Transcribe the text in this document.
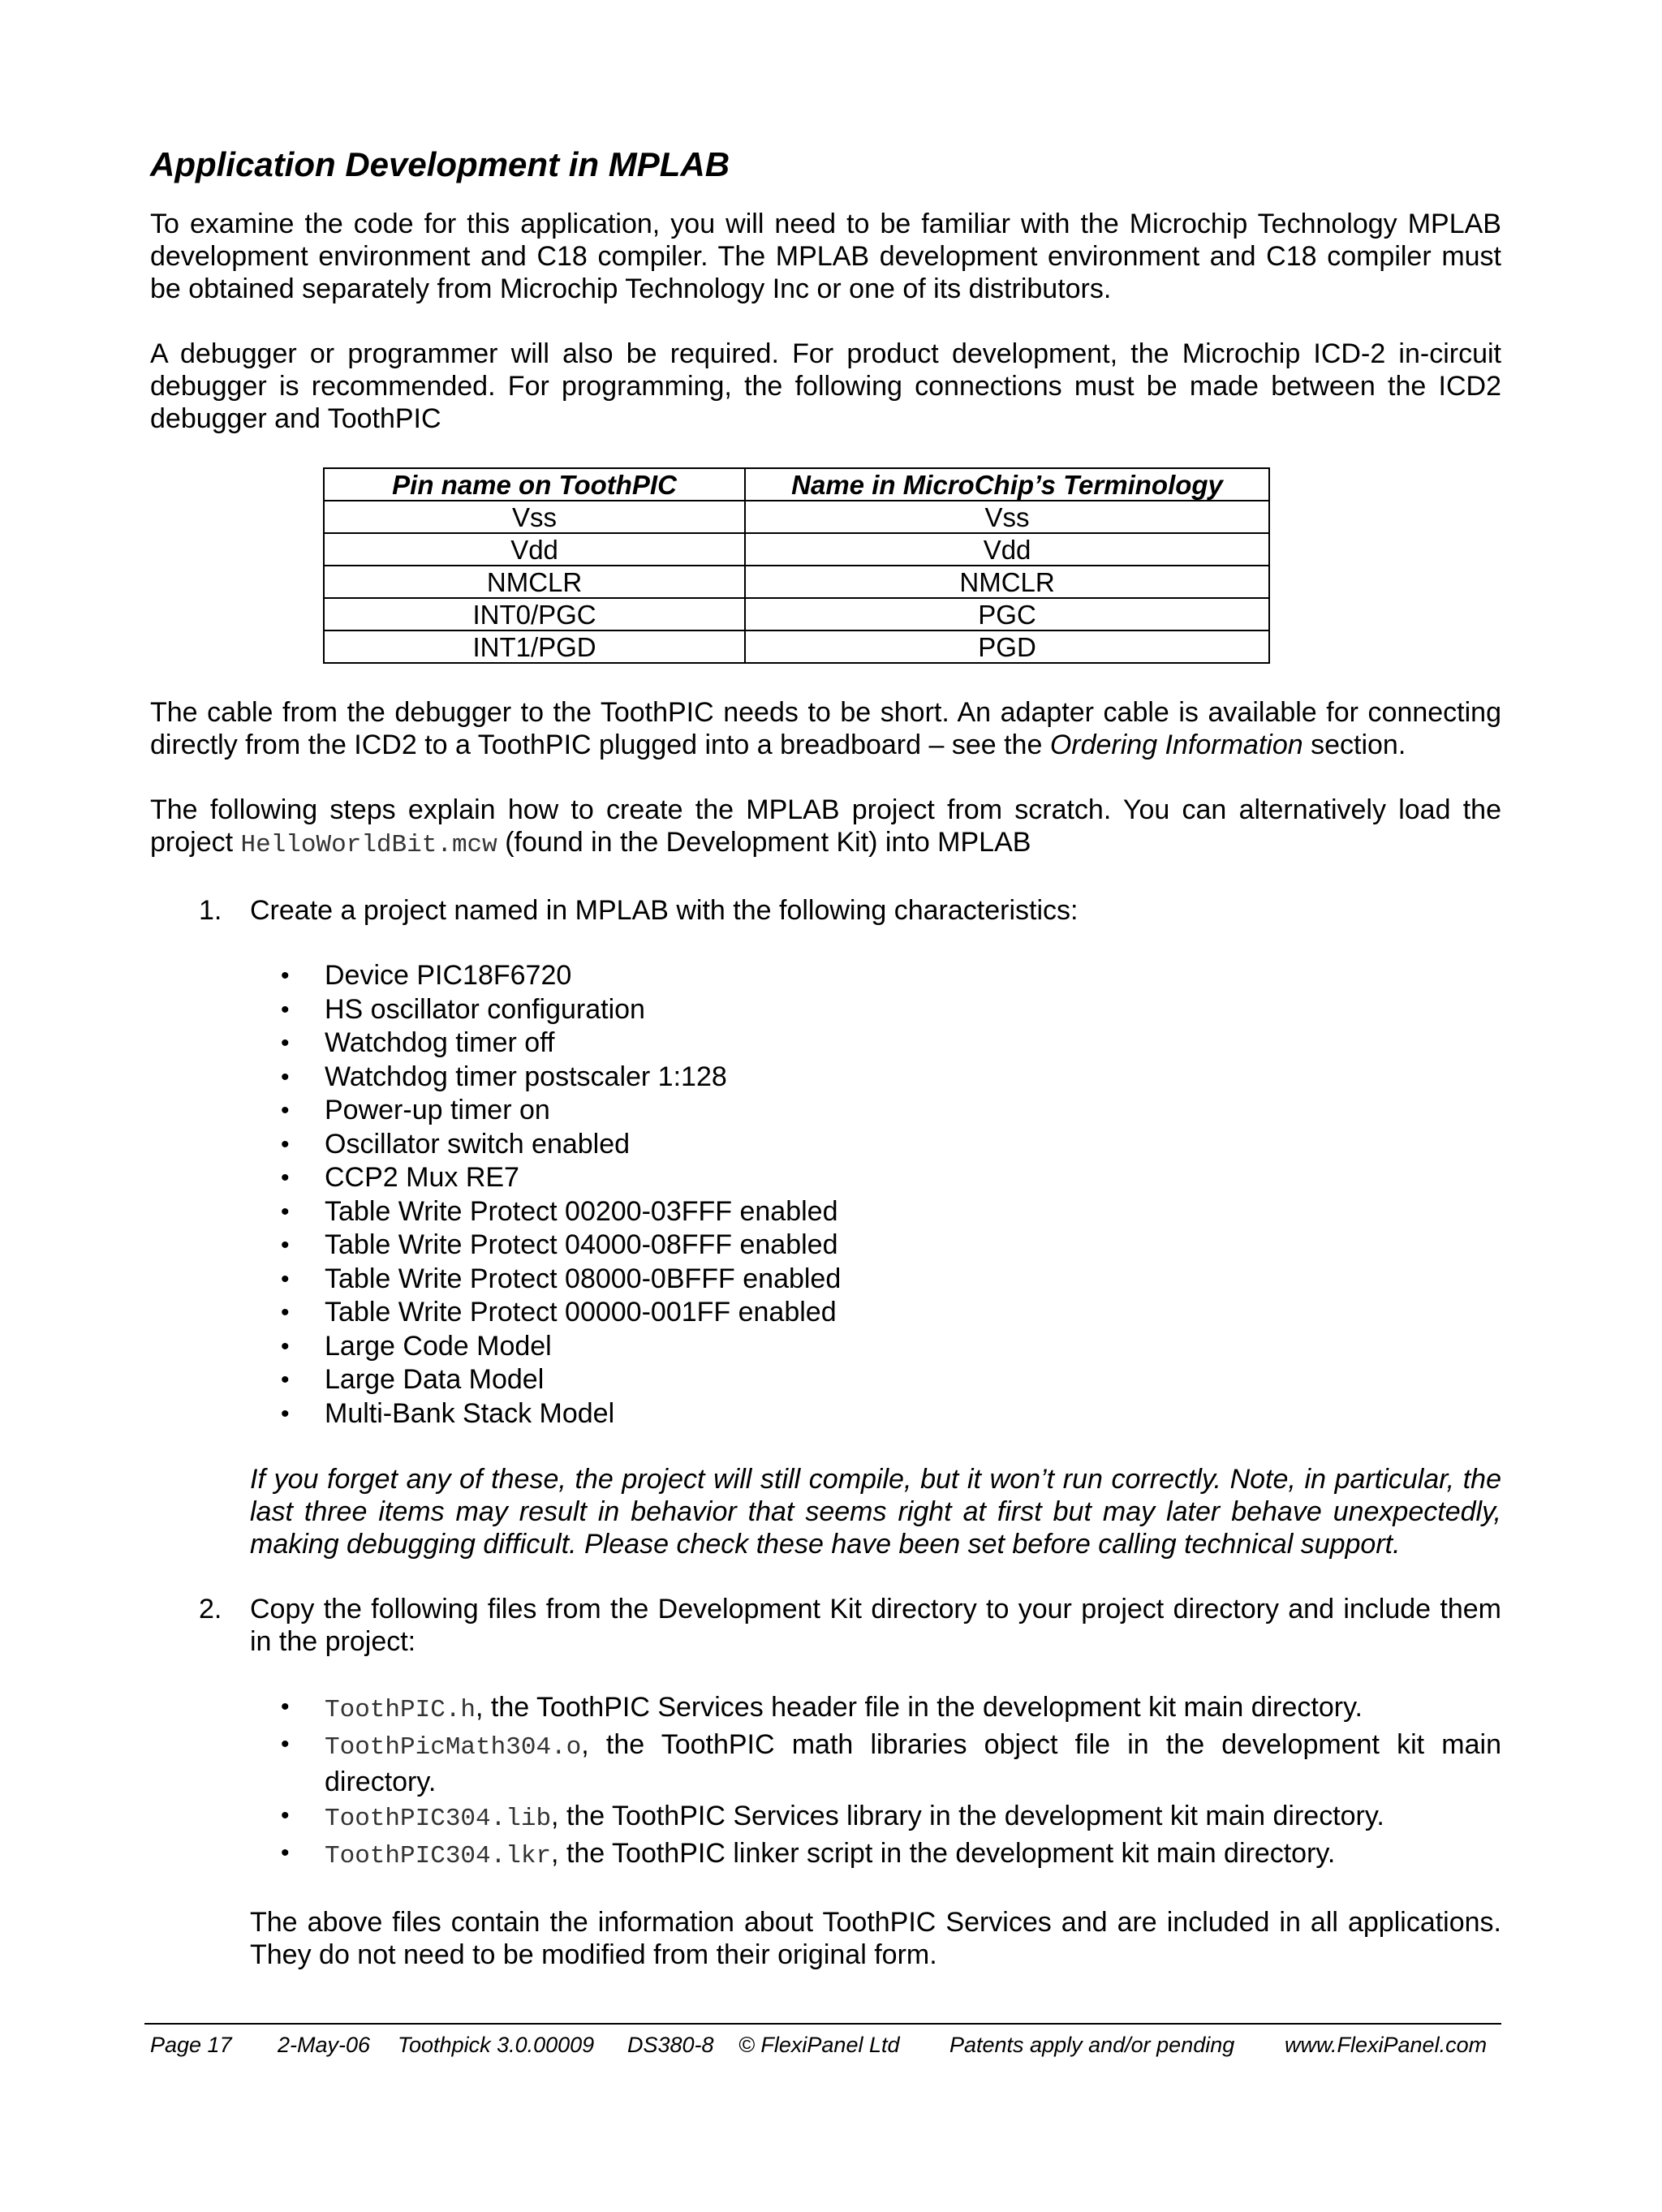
Application Development in MPLAB

To examine the code for this application, you will need to be familiar with the Microchip Technology MPLAB development environment and C18 compiler. The MPLAB development environment and C18 compiler must be obtained separately from Microchip Technology Inc or one of its distributors.

A debugger or programmer will also be required. For product development, the Microchip ICD-2 in-circuit debugger is recommended. For programming, the following connections must be made between the ICD2 debugger and ToothPIC

Pin name on ToothPIC	Name in MicroChip’s Terminology
Vss	Vss
Vdd	Vdd
NMCLR	NMCLR
INT0/PGC	PGC
INT1/PGD	PGD

The cable from the debugger to the ToothPIC needs to be short. An adapter cable is available for connecting directly from the ICD2 to a ToothPIC plugged into a breadboard – see the Ordering Information section.

The following steps explain how to create the MPLAB project from scratch. You can alternatively load the project HelloWorldBit.mcw (found in the Development Kit) into MPLAB

1. Create a project named in MPLAB with the following characteristics:

• Device PIC18F6720
• HS oscillator configuration
• Watchdog timer off
• Watchdog timer postscaler 1:128
• Power-up timer on
• Oscillator switch enabled
• CCP2 Mux RE7
• Table Write Protect 00200-03FFF enabled
• Table Write Protect 04000-08FFF enabled
• Table Write Protect 08000-0BFFF enabled
• Table Write Protect 00000-001FF enabled
• Large Code Model
• Large Data Model
• Multi-Bank Stack Model

If you forget any of these, the project will still compile, but it won’t run correctly. Note, in particular, the last three items may result in behavior that seems right at first but may later behave unexpectedly, making debugging difficult. Please check these have been set before calling technical support.

2. Copy the following files from the Development Kit directory to your project directory and include them in the project:

• ToothPIC.h, the ToothPIC Services header file in the development kit main directory.
• ToothPicMath304.o, the ToothPIC math libraries object file in the development kit main directory.
• ToothPIC304.lib, the ToothPIC Services library in the development kit main directory.
• ToothPIC304.lkr, the ToothPIC linker script in the development kit main directory.

The above files contain the information about ToothPIC Services and are included in all applications. They do not need to be modified from their original form.

Page 17 2-May-06 Toothpick 3.0.00009 DS380-8 © FlexiPanel Ltd Patents apply and/or pending www.FlexiPanel.com
